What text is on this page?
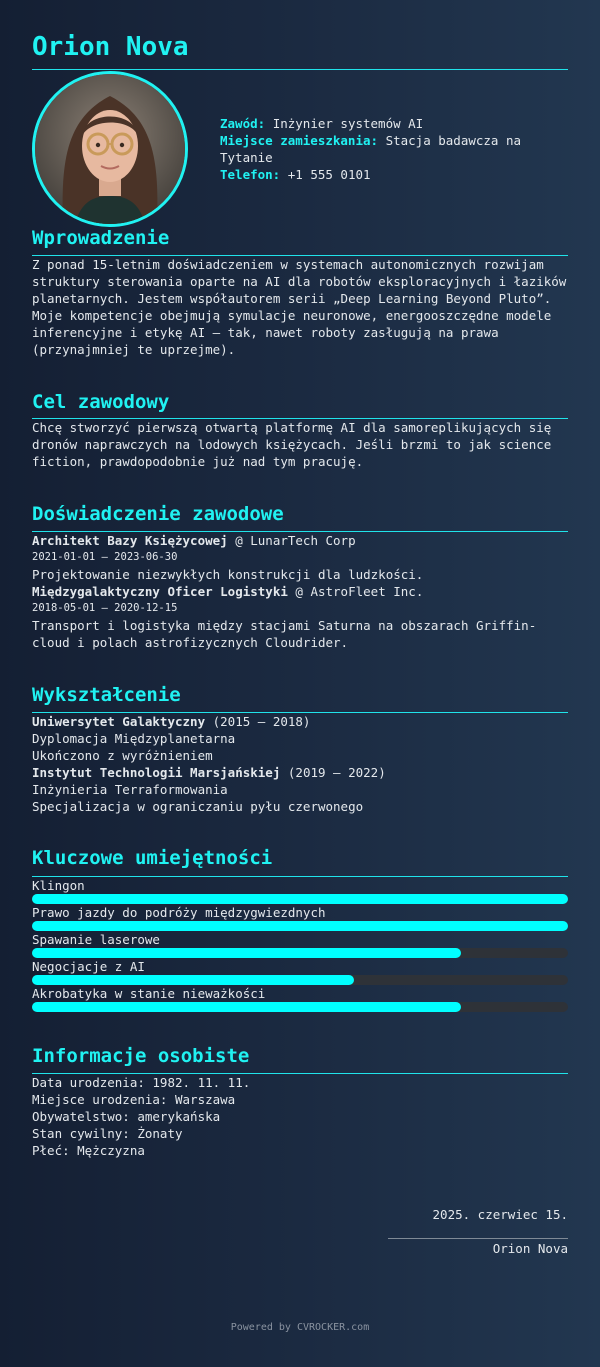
Orion Nova
Zawód: Inżynier systemów AI
Miejsce zamieszkania: Stacja badawcza na Tytanie
Telefon: +1 555 0101
Wprowadzenie
Z ponad 15-letnim doświadczeniem w systemach autonomicznych rozwijam struktury sterowania oparte na AI dla robotów eksploracyjnych i łazików planetarnych. Jestem współautorem serii „Deep Learning Beyond Pluto”. Moje kompetencje obejmują symulacje neuronowe, energooszczędne modele inferencyjne i etykę AI – tak, nawet roboty zasługują na prawa (przynajmniej te uprzejme).
Cel zawodowy
Chcę stworzyć pierwszą otwartą platformę AI dla samoreplikujących się dronów naprawczych na lodowych księżycach. Jeśli brzmi to jak science fiction, prawdopodobnie już nad tym pracuję.
Doświadczenie zawodowe
Architekt Bazy Księżycowej @ LunarTech Corp
2021-01-01 – 2023-06-30
Projektowanie niezwykłych konstrukcji dla ludzkości.
Międzygalaktyczny Oficer Logistyki @ AstroFleet Inc.
2018-05-01 – 2020-12-15
Transport i logistyka między stacjami Saturna na obszarach Griffin-cloud i polach astrofizycznych Cloudrider.
Wykształcenie
Uniwersytet Galaktyczny (2015 – 2018)
Dyplomacja Międzyplanetarna
Ukończono z wyróżnieniem
Instytut Technologii Marsjańskiej (2019 – 2022)
Inżynieria Terraformowania
Specjalizacja w ograniczaniu pyłu czerwonego
Kluczowe umiejętności
Klingon
Prawo jazdy do podróży międzygwiezdnych
Spawanie laserowe
Negocjacje z AI
Akrobatyka w stanie nieważkości
Informacje osobiste
Data urodzenia: 1982. 11. 11.
Miejsce urodzenia: Warszawa
Obywatelstwo: amerykańska
Stan cywilny: Żonaty
Płeć: Mężczyzna
2025. czerwiec 15.
Orion Nova
Powered by CVROCKER.com
